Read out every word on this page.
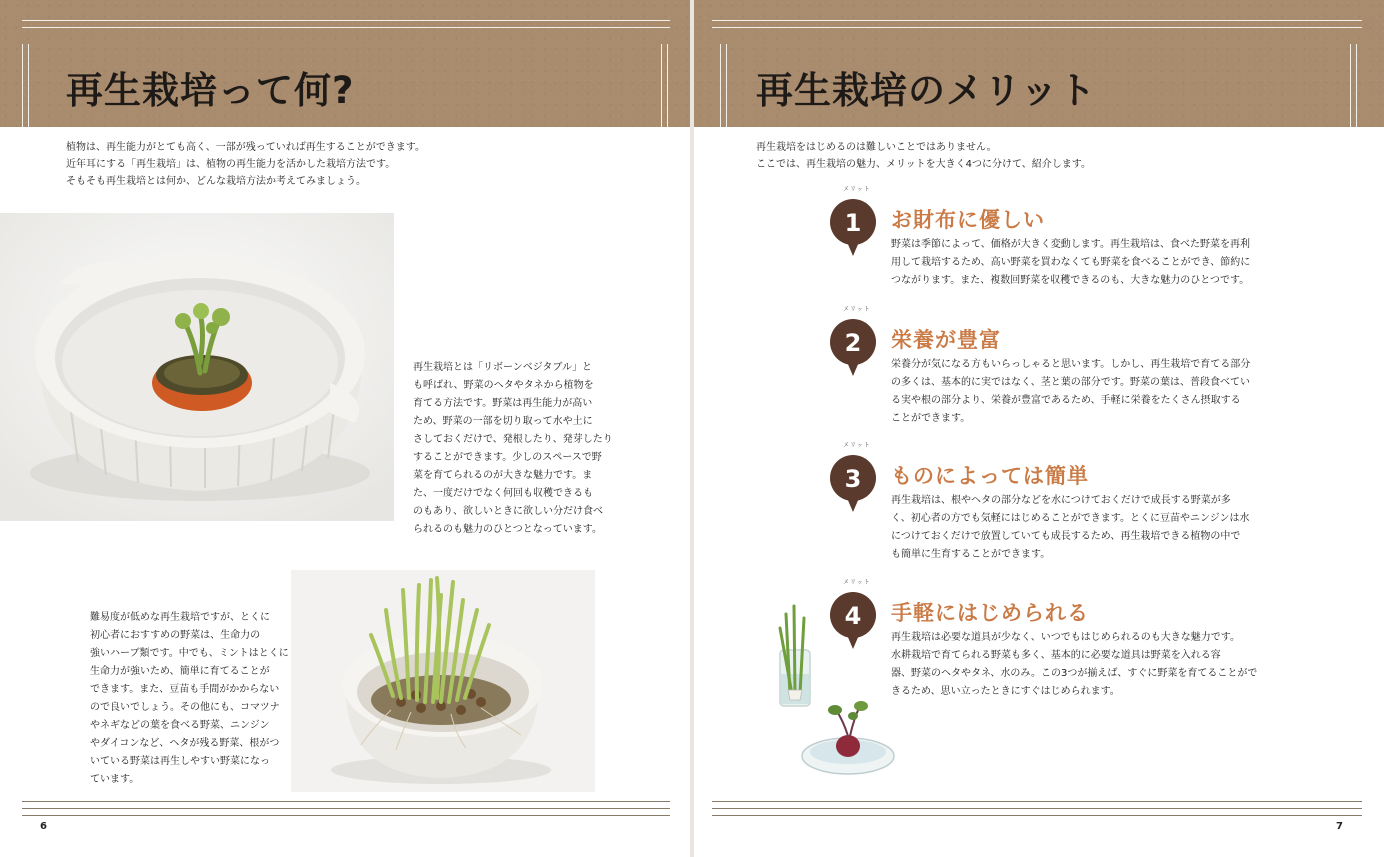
再生栽培って何?
植物は、再生能力がとても高く、一部が残っていれば再生することができます。
近年耳にする「再生栽培」は、植物の再生能力を活かした栽培方法です。
そもそも再生栽培とは何か、どんな栽培方法か考えてみましょう。
再生栽培とは「リボーンベジタブル」と
も呼ばれ、野菜のヘタやタネから植物を
育てる方法です。野菜は再生能力が高い
ため、野菜の一部を切り取って水や土に
さしておくだけで、発根したり、発芽したり
することができます。少しのスペースで野
菜を育てられるのが大きな魅力です。ま
た、一度だけでなく何回も収穫できるも
のもあり、欲しいときに欲しい分だけ食べ
られるのも魅力のひとつとなっています。
難易度が低めな再生栽培ですが、とくに
初心者におすすめの野菜は、生命力の
強いハーブ類です。中でも、ミントはとくに
生命力が強いため、簡単に育てることが
できます。また、豆苗も手間がかからない
ので良いでしょう。その他にも、コマツナ
やネギなどの葉を食べる野菜、ニンジン
やダイコンなど、ヘタが残る野菜、根がつ
いている野菜は再生しやすい野菜になっ
ています。
6
再生栽培のメリット
再生栽培をはじめるのは難しいことではありません。
ここでは、再生栽培の魅力、メリットを大きく4つに分けて、紹介します。
メリット
1 お財布に優しい
野菜は季節によって、価格が大きく変動します。再生栽培は、食べた野菜を再利
用して栽培するため、高い野菜を買わなくても野菜を食べることができ、節約に
つながります。また、複数回野菜を収穫できるのも、大きな魅力のひとつです。
メリット
2 栄養が豊富
栄養分が気になる方もいらっしゃると思います。しかし、再生栽培で育てる部分
の多くは、基本的に実ではなく、茎と葉の部分です。野菜の葉は、普段食べてい
る実や根の部分より、栄養が豊富であるため、手軽に栄養をたくさん摂取する
ことができます。
メリット
3 ものによっては簡単
再生栽培は、根やヘタの部分などを水につけておくだけで成長する野菜が多
く、初心者の方でも気軽にはじめることができます。とくに豆苗やニンジンは水
につけておくだけで放置していても成長するため、再生栽培できる植物の中で
も簡単に生育することができます。
メリット
4 手軽にはじめられる
再生栽培は必要な道具が少なく、いつでもはじめられるのも大きな魅力です。
水耕栽培で育てられる野菜も多く、基本的に必要な道具は野菜を入れる容
器、野菜のヘタやタネ、水のみ。この3つが揃えば、すぐに野菜を育てることがで
きるため、思い立ったときにすぐはじめられます。
7
